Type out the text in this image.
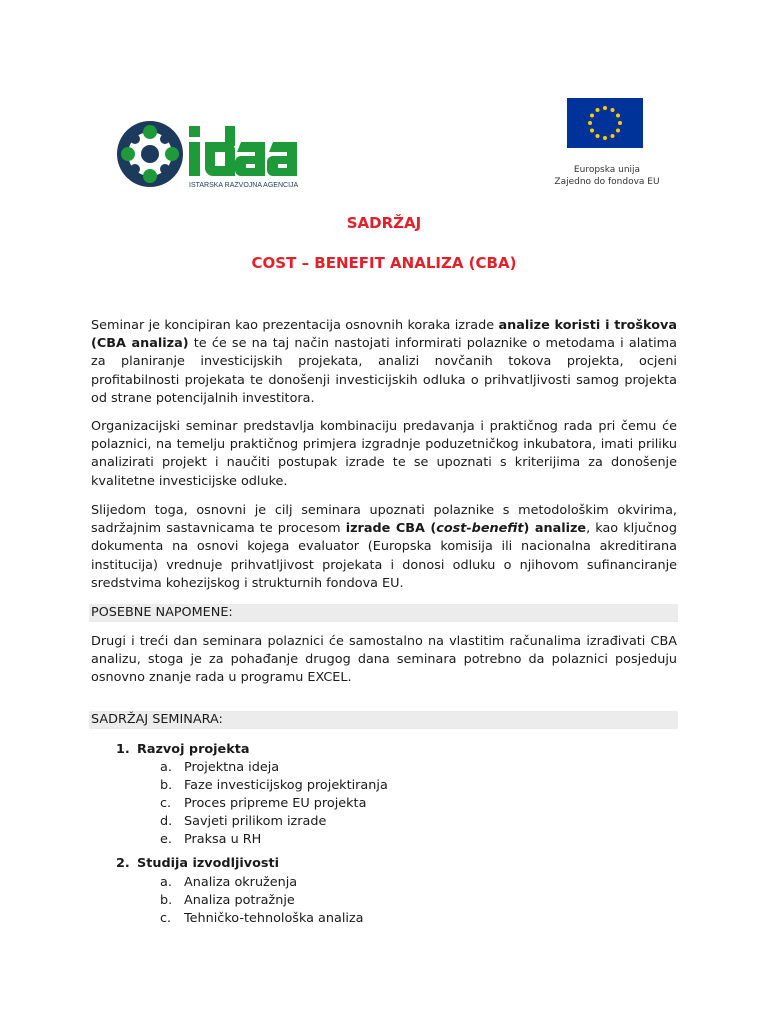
ISTARSKA RAZVOJNA AGENCIJA
Europska unija
Zajedno do fondova EU
SADRŽAJ
COST – BENEFIT ANALIZA (CBA)
Seminar je koncipiran kao prezentacija osnovnih koraka izrade analize koristi i troškova (CBA analiza) te će se na taj način nastojati informirati polaznike o metodama i alatima za planiranje investicijskih projekata, analizi novčanih tokova projekta, ocjeni profitabilnosti projekata te donošenji investicijskih odluka o prihvatljivosti samog projekta od strane potencijalnih investitora.
Organizacijski seminar predstavlja kombinaciju predavanja i praktičnog rada pri čemu će polaznici, na temelju praktičnog primjera izgradnje poduzetničkog inkubatora, imati priliku analizirati projekt i naučiti postupak izrade te se upoznati s kriterijima za donošenje kvalitetne investicijske odluke.
Slijedom toga, osnovni je cilj seminara upoznati polaznike s metodološkim okvirima, sadržajnim sastavnicama te procesom izrade CBA (cost-benefit) analize, kao ključnog dokumenta na osnovi kojega evaluator (Europska komisija ili nacionalna akreditirana institucija) vrednuje prihvatljivost projekata i donosi odluku o njihovom sufinanciranje sredstvima kohezijskog i strukturnih fondova EU.
POSEBNE NAPOMENE:
Drugi i treći dan seminara polaznici će samostalno na vlastitim računalima izrađivati CBA analizu, stoga je za pohađanje drugog dana seminara potrebno da polaznici posjeduju osnovno znanje rada u programu EXCEL.
SADRŽAJ SEMINARA:
1. Razvoj projekta
a. Projektna ideja
b. Faze investicijskog projektiranja
c. Proces pripreme EU projekta
d. Savjeti prilikom izrade
e. Praksa u RH
2. Studija izvodljivosti
a. Analiza okruženja
b. Analiza potražnje
c. Tehničko-tehnološka analiza
